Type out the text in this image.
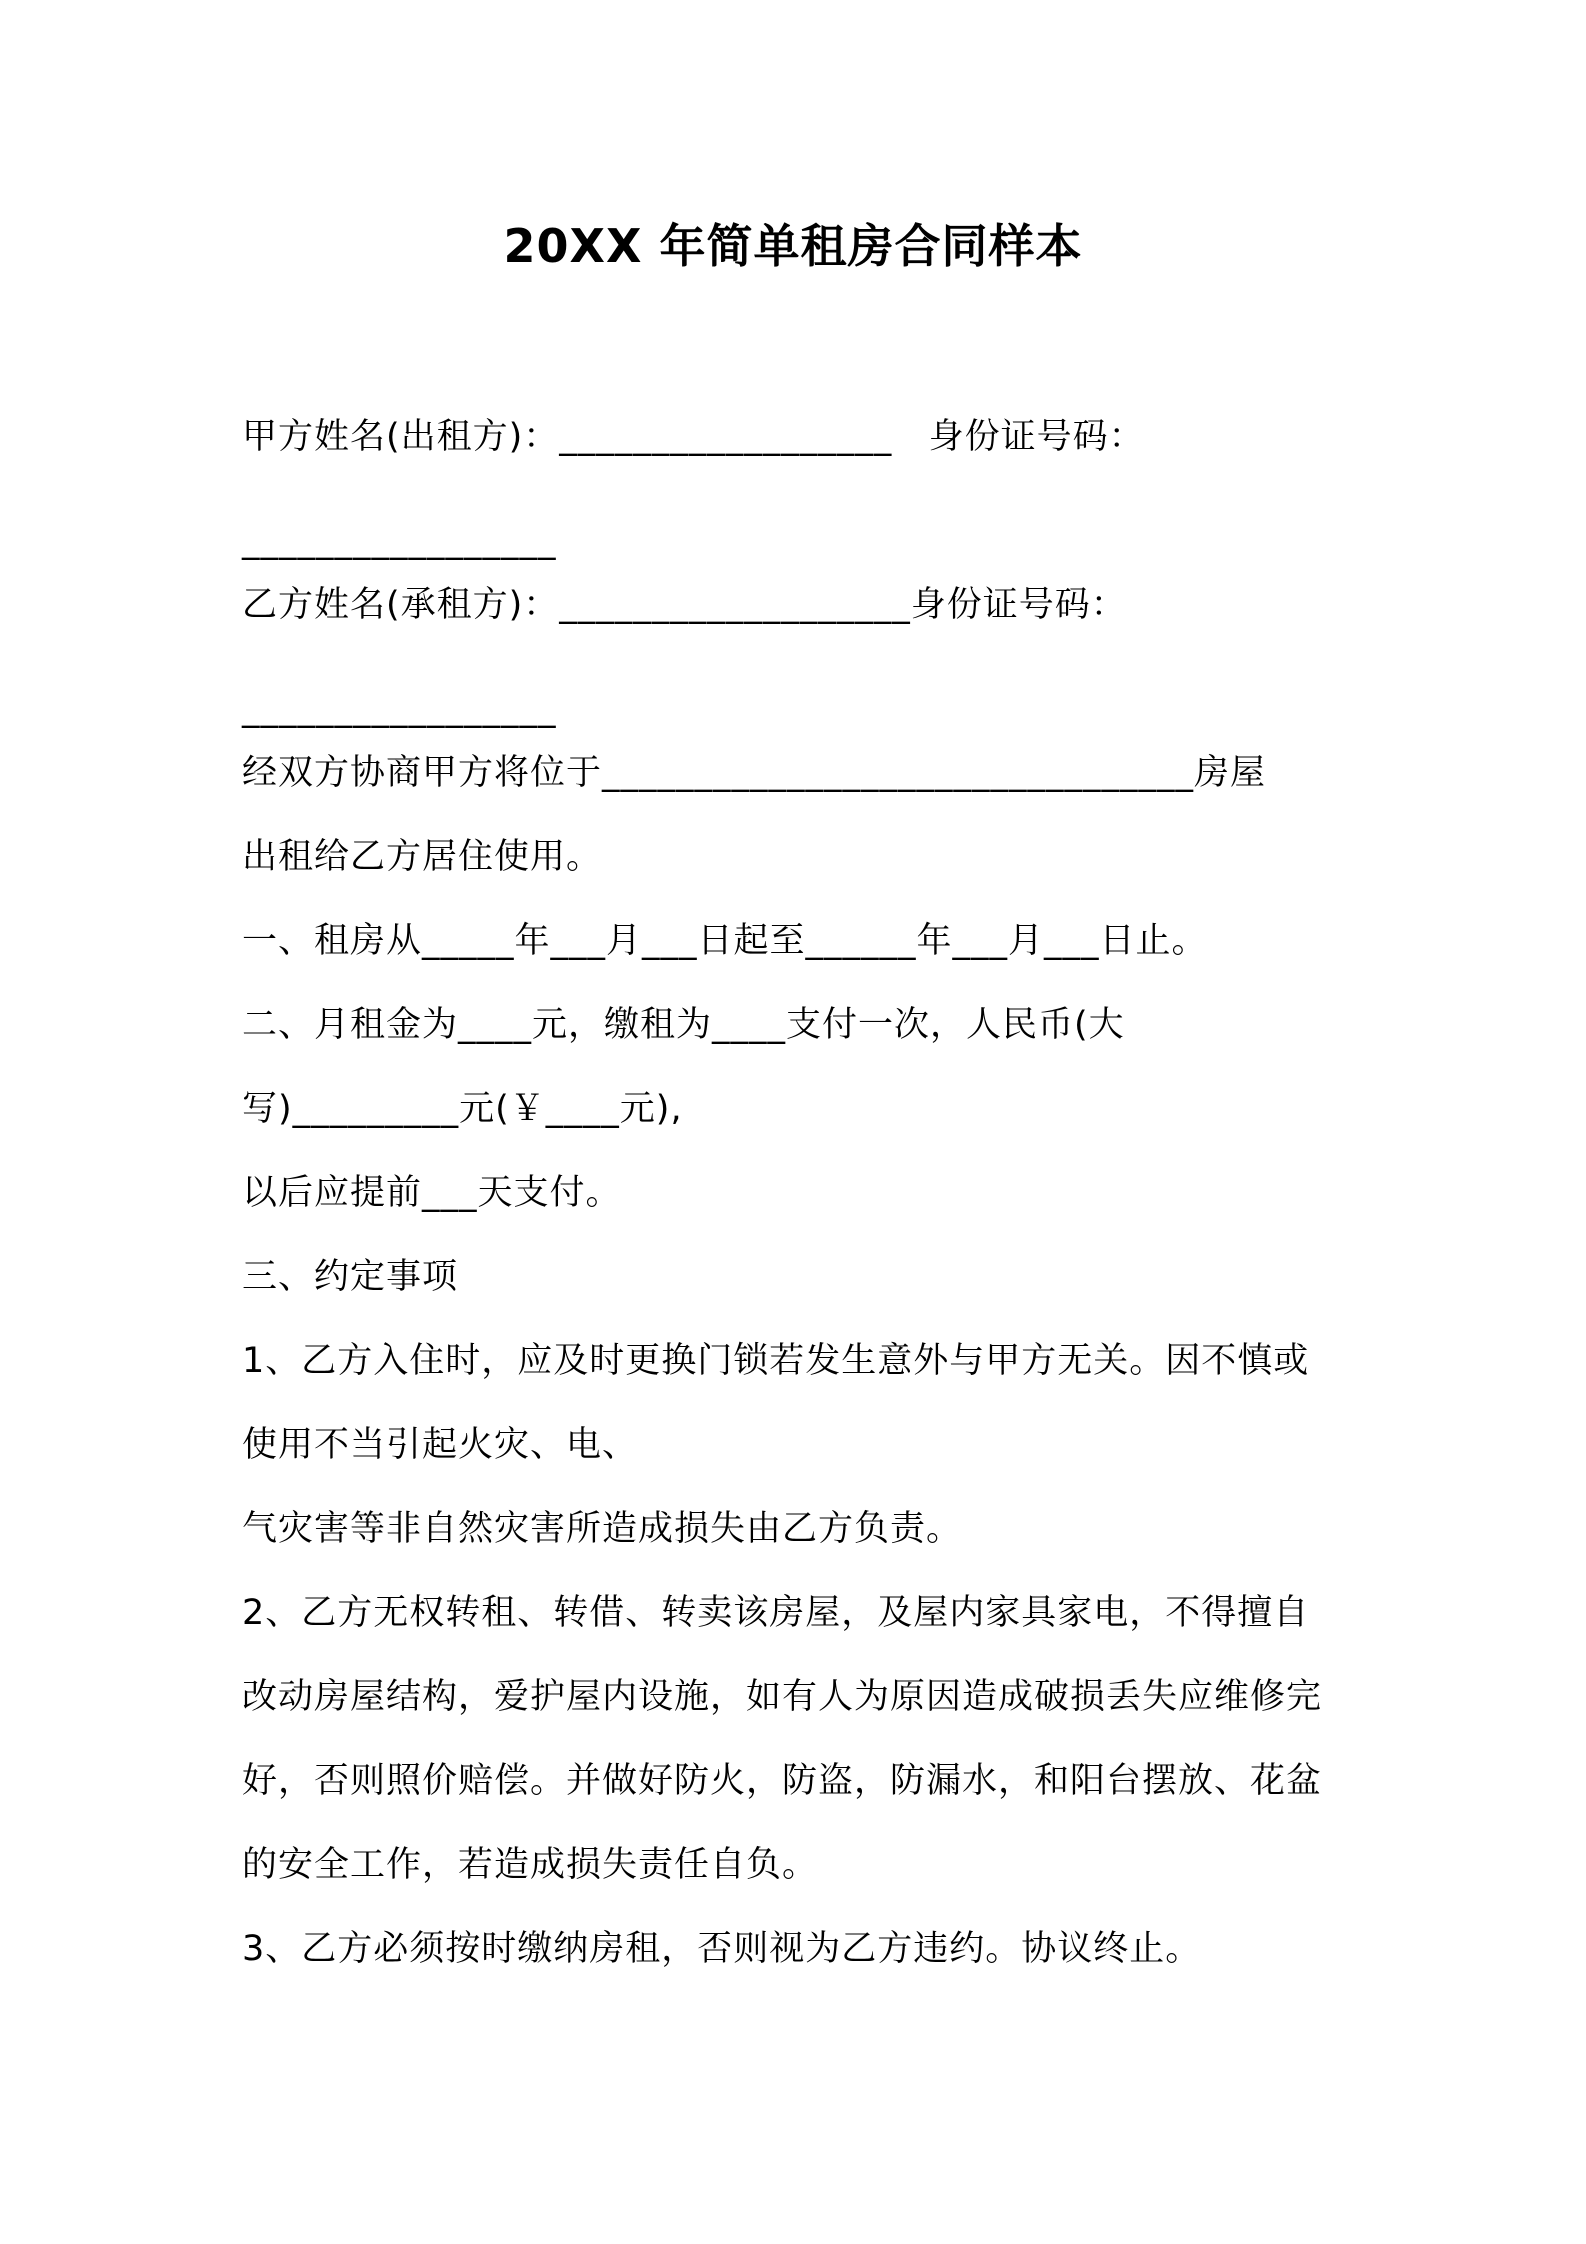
20XX 年简单租房合同样本
甲方姓名(出租方)：__________________   身份证号码：
_________________
乙方姓名(承租方)：___________________身份证号码：
_________________
经双方协商甲方将位于________________________________房屋
出租给乙方居住使用。
一、租房从_____年___月___日起至______年___月___日止。
二、月租金为____元，缴租为____支付一次，人民币(大
写)_________元(￥____元),
以后应提前___天支付。
三、约定事项
1、乙方入住时，应及时更换门锁若发生意外与甲方无关。因不慎或
使用不当引起火灾、电、
气灾害等非自然灾害所造成损失由乙方负责。
2、乙方无权转租、转借、转卖该房屋，及屋内家具家电，不得擅自
改动房屋结构，爱护屋内设施，如有人为原因造成破损丢失应维修完
好，否则照价赔偿。并做好防火，防盗，防漏水，和阳台摆放、花盆
的安全工作，若造成损失责任自负。
3、乙方必须按时缴纳房租，否则视为乙方违约。协议终止。
